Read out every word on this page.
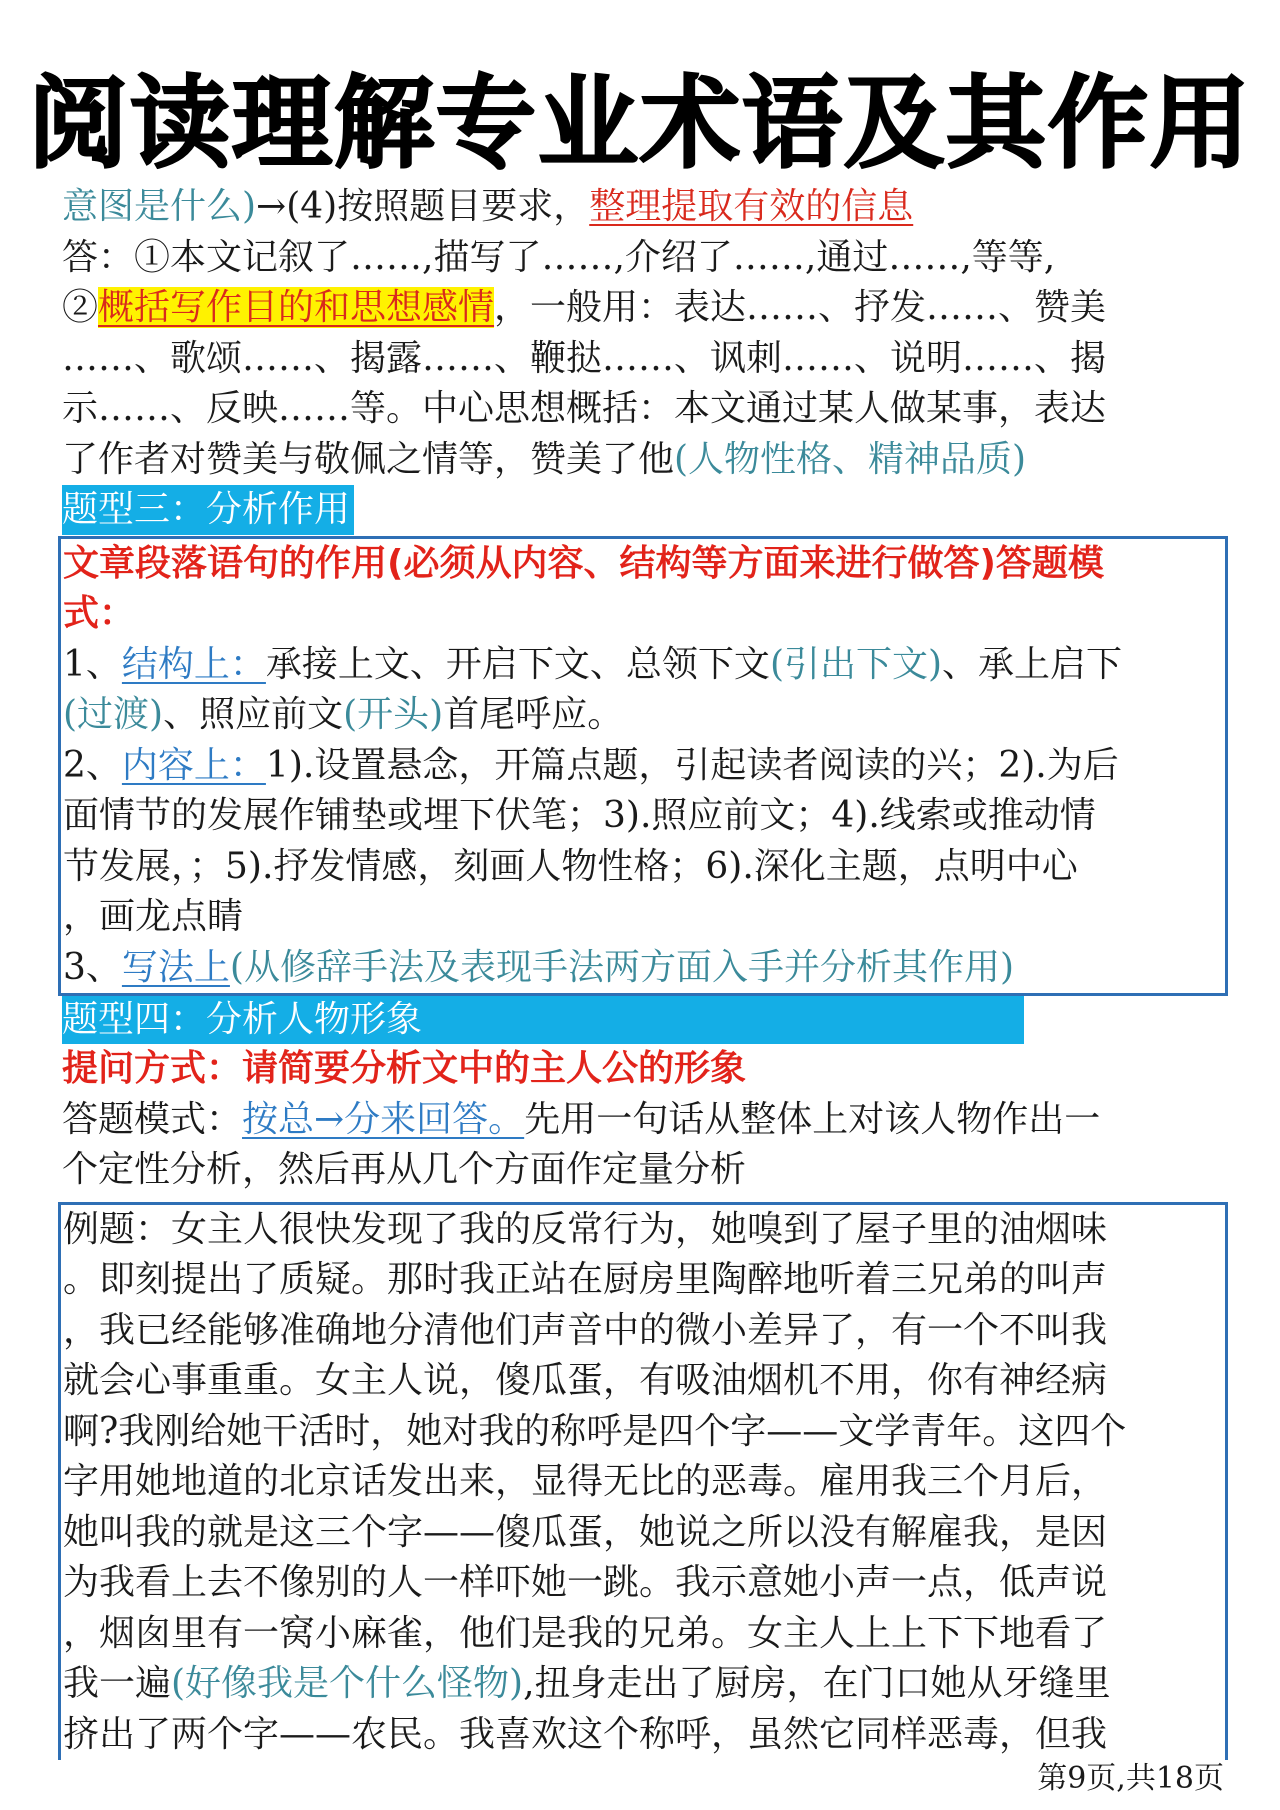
阅读理解专业术语及其作用
意图是什么)→(4)按照题目要求，整理提取有效的信息
答：①本文记叙了……,描写了……,介绍了……,通过……,等等,
②概括写作目的和思想感情，一般用：表达……、抒发……、赞美
……、歌颂……、揭露……、鞭挞……、讽刺……、说明……、揭
示……、反映……等。中心思想概括：本文通过某人做某事，表达
了作者对赞美与敬佩之情等，赞美了他(人物性格、精神品质)
题型三：分析作用
文章段落语句的作用(必须从内容、结构等方面来进行做答)答题模
式：
1、结构上：承接上文、开启下文、总领下文(引出下文)、承上启下
(过渡)、照应前文(开头)首尾呼应。
2、内容上：1).设置悬念，开篇点题，引起读者阅读的兴；2).为后
面情节的发展作铺垫或埋下伏笔；3).照应前文；4).线索或推动情
节发展，；5).抒发情感，刻画人物性格；6).深化主题，点明中心
，画龙点睛
3、写法上(从修辞手法及表现手法两方面入手并分析其作用)
题型四：分析人物形象
提问方式：请简要分析文中的主人公的形象
答题模式：按总→分来回答。先用一句话从整体上对该人物作出一
个定性分析，然后再从几个方面作定量分析
例题：女主人很快发现了我的反常行为，她嗅到了屋子里的油烟味
。即刻提出了质疑。那时我正站在厨房里陶醉地听着三兄弟的叫声
，我已经能够准确地分清他们声音中的微小差异了，有一个不叫我
就会心事重重。女主人说，傻瓜蛋，有吸油烟机不用，你有神经病
啊?我刚给她干活时，她对我的称呼是四个字——文学青年。这四个
字用她地道的北京话发出来，显得无比的恶毒。雇用我三个月后，
她叫我的就是这三个字——傻瓜蛋，她说之所以没有解雇我，是因
为我看上去不像别的人一样吓她一跳。我示意她小声一点，低声说
，烟囱里有一窝小麻雀，他们是我的兄弟。女主人上上下下地看了
我一遍(好像我是个什么怪物),扭身走出了厨房，在门口她从牙缝里
挤出了两个字——农民。我喜欢这个称呼，虽然它同样恶毒，但我
第9页,共18页
